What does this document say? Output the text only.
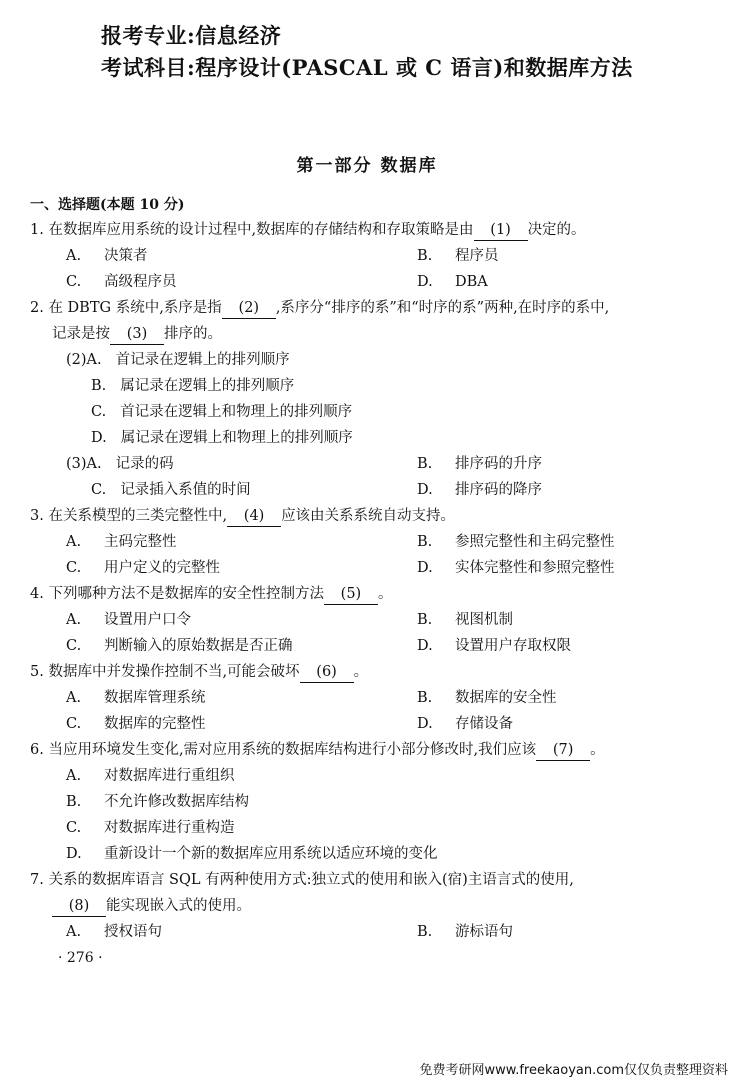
报考专业:信息经济
考试科目:程序设计(PASCAL 或 C 语言)和数据库方法
第一部分 数据库
一、选择题(本题 10 分)
1. 在数据库应用系统的设计过程中,数据库的存储结构和存取策略是由 (1) 决定的。
A. 决策者	B. 程序员
C. 高级程序员	D. DBA
2. 在 DBTG 系统中,系序是指 (2) ,系序分“排序的系”和“时序的系”两种,在时序的系中,
记录是按 (3) 排序的。
(2)A. 首记录在逻辑上的排列顺序
B. 属记录在逻辑上的排列顺序
C. 首记录在逻辑上和物理上的排列顺序
D. 属记录在逻辑上和物理上的排列顺序
(3)A. 记录的码	B. 排序码的升序
C. 记录插入系值的时间	D. 排序码的降序
3. 在关系模型的三类完整性中, (4) 应该由关系系统自动支持。
A. 主码完整性	B. 参照完整性和主码完整性
C. 用户定义的完整性	D. 实体完整性和参照完整性
4. 下列哪种方法不是数据库的安全性控制方法 (5) 。
A. 设置用户口令	B. 视图机制
C. 判断输入的原始数据是否正确	D. 设置用户存取权限
5. 数据库中并发操作控制不当,可能会破坏 (6) 。
A. 数据库管理系统	B. 数据库的安全性
C. 数据库的完整性	D. 存储设备
6. 当应用环境发生变化,需对应用系统的数据库结构进行小部分修改时,我们应该 (7) 。
A. 对数据库进行重组织
B. 不允许修改数据库结构
C. 对数据库进行重构造
D. 重新设计一个新的数据库应用系统以适应环境的变化
7. 关系的数据库语言 SQL 有两种使用方式:独立式的使用和嵌入(宿)主语言式的使用,
(8) 能实现嵌入式的使用。
A. 授权语句	B. 游标语句
· 276 ·
免费考研网www.freekaoyan.com仅仅负责整理资料
